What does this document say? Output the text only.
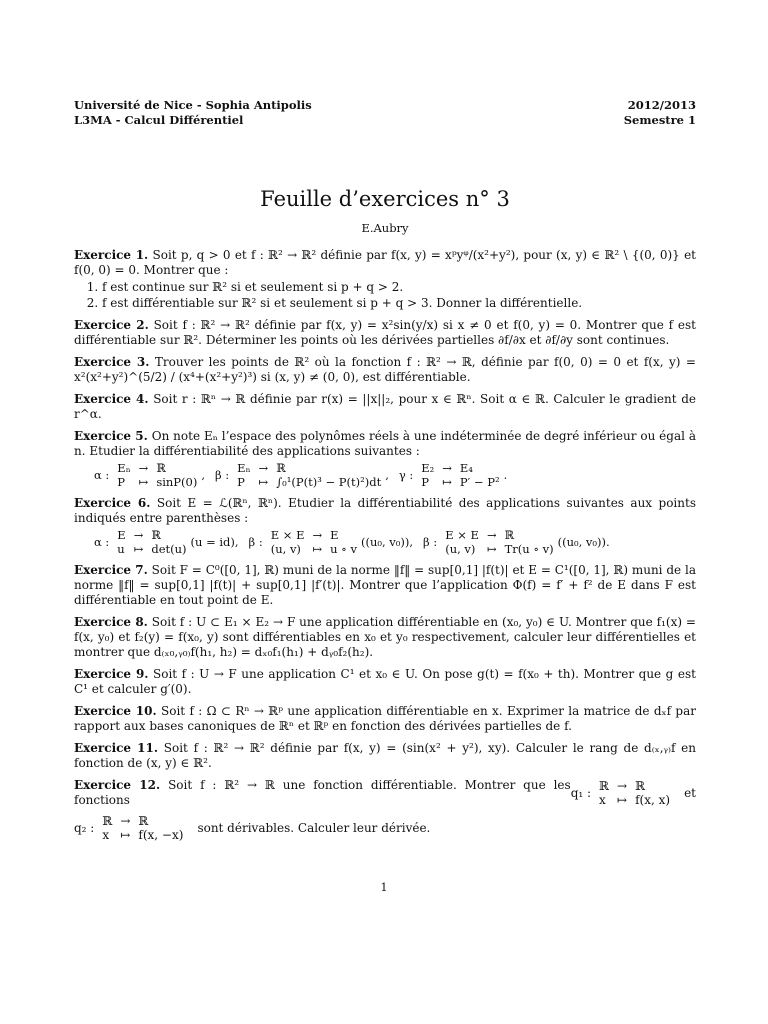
Université de Nice - Sophia Antipolis	2012/2013
L3MA - Calcul Différentiel	Semestre 1
Feuille d’exercices n° 3
E.Aubry

Exercice 1. Soit p, q > 0 et f : ℝ² → ℝ² définie par f(x, y) = xᵖyᵠ/(x²+y²), pour (x, y) ∈ ℝ² \ {(0, 0)} et f(0, 0) = 0. Montrer que :

1. f est continue sur ℝ² si et seulement si p + q > 2.
2. f est différentiable sur ℝ² si et seulement si p + q > 3. Donner la différentielle.

Exercice 2. Soit f : ℝ² → ℝ² définie par f(x, y) = x²sin(y/x) si x ≠ 0 et f(0, y) = 0. Montrer que f est différentiable sur ℝ². Déterminer les points où les dérivées partielles ∂f/∂x et ∂f/∂y sont continues.

Exercice 3. Trouver les points de ℝ² où la fonction f : ℝ² → ℝ, définie par f(0, 0) = 0 et f(x, y) = x²(x²+y²)^(5/2) / (x⁴+(x²+y²)³) si (x, y) ≠ (0, 0), est différentiable.

Exercice 4. Soit r : ℝⁿ → ℝ définie par r(x) = ||x||₂, pour x ∈ ℝⁿ. Soit α ∈ ℝ. Calculer le gradient de r^α.

Exercice 5. On note Eₙ l’espace des polynômes réels à une indéterminée de degré inférieur ou égal à n. Etudier la différentiabilité des applications suivantes :

α : Eₙ	→	ℝ
P	↦	sinP(0)
, β : Eₙ	→	ℝ
P	↦	∫₀¹(P(t)³ − P(t)²)dt
, γ : E₂	→	E₄
P	↦	P′ − P²
.

Exercice 6. Soit E = ℒ(ℝⁿ, ℝⁿ). Etudier la différentiabilité des applications suivantes aux points indiqués entre parenthèses :

α : E	→	ℝ
u	↦	det(u)
(u = id), β : E × E	→	E
(u, v)	↦	u ∘ v
((u₀, v₀)), β : E × E	→	ℝ
(u, v)	↦	Tr(u ∘ v)
((u₀, v₀)).

Exercice 7. Soit F = C⁰([0, 1], ℝ) muni de la norme ‖f‖ = sup[0,1] |f(t)| et E = C¹([0, 1], ℝ) muni de la norme ‖f‖ = sup[0,1] |f(t)| + sup[0,1] |f′(t)|. Montrer que l’application Φ(f) = f′ + f² de E dans F est différentiable en tout point de E.

Exercice 8. Soit f : U ⊂ E₁ × E₂ → F une application différentiable en (x₀, y₀) ∈ U. Montrer que f₁(x) = f(x, y₀) et f₂(y) = f(x₀, y) sont différentiables en x₀ et y₀ respectivement, calculer leur différentielles et montrer que d₍ₓ₀,ᵧ₀₎f(h₁, h₂) = dₓ₀f₁(h₁) + dᵧ₀f₂(h₂).

Exercice 9. Soit f : U → F une application C¹ et x₀ ∈ U. On pose g(t) = f(x₀ + th). Montrer que g est C¹ et calculer g′(0).

Exercice 10. Soit f : Ω ⊂ Rⁿ → ℝᵖ une application différentiable en x. Exprimer la matrice de dₓf par rapport aux bases canoniques de ℝⁿ et ℝᵖ en fonction des dérivées partielles de f.

Exercice 11. Soit f : ℝ² → ℝ² définie par f(x, y) = (sin(x² + y²), xy). Calculer le rang de d₍ₓ,ᵧ₎f en fonction de (x, y) ∈ ℝ².

Exercice 12. Soit f : ℝ² → ℝ une fonction différentiable. Montrer que les fonctions
q₁ : ℝ	→	ℝ
x	↦	f(x, x)
et
q₂ : ℝ	→	ℝ
x	↦	f(x, −x)
sont dérivables. Calculer leur dérivée.
1
